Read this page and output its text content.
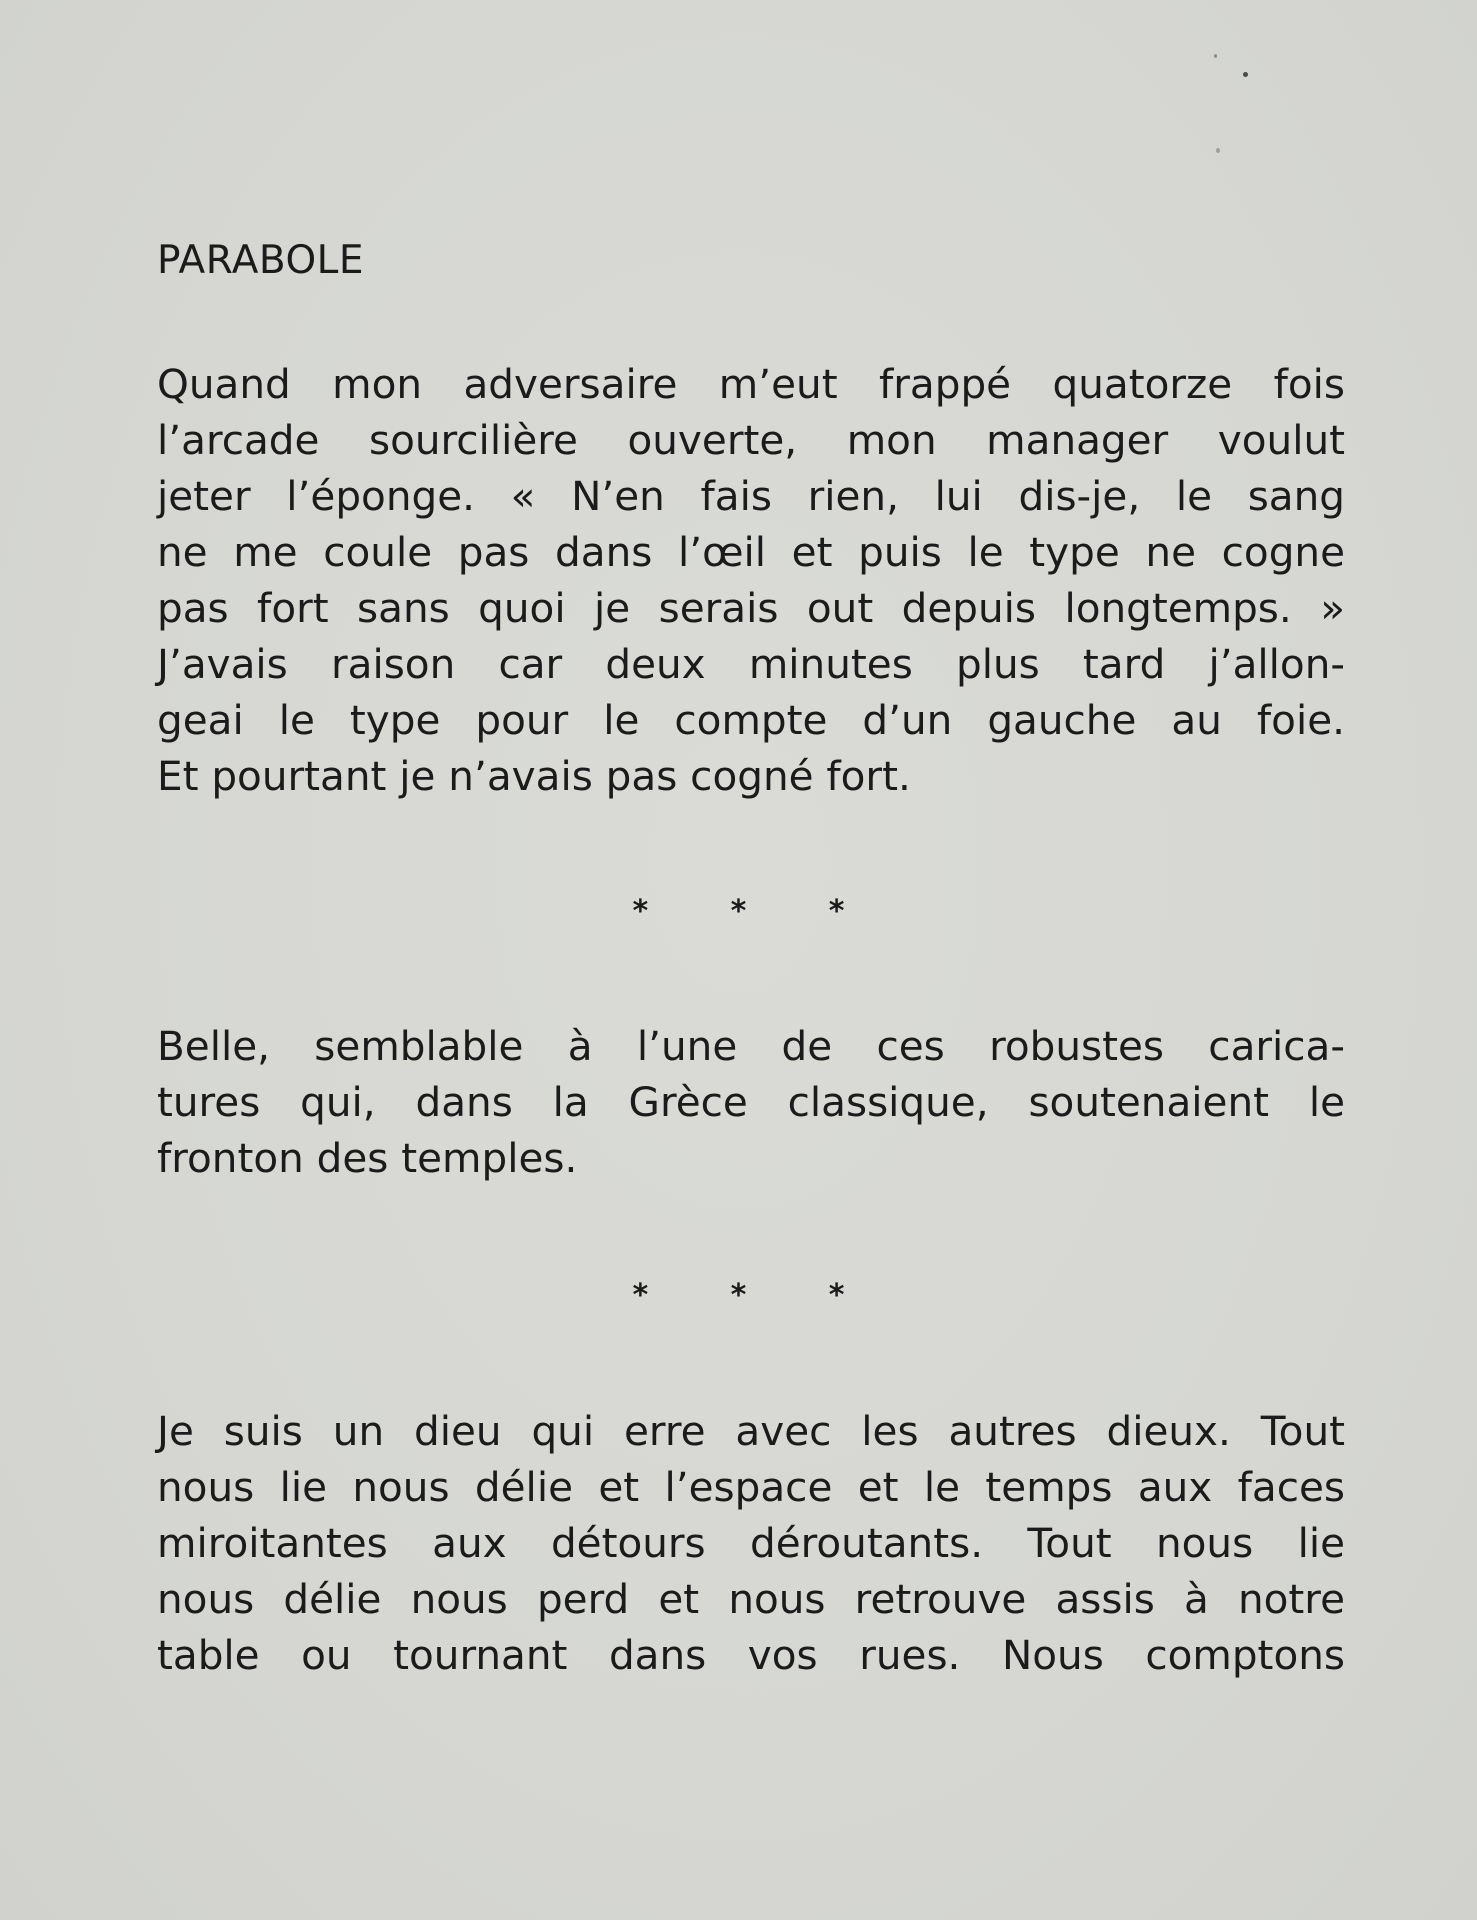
PARABOLE
Quand mon adversaire m’eut frappé quatorze fois
l’arcade sourcilière ouverte, mon manager voulut
jeter l’éponge. « N’en fais rien, lui dis-je, le sang
ne me coule pas dans l’œil et puis le type ne cogne
pas fort sans quoi je serais out depuis longtemps. »
J’avais raison car deux minutes plus tard j’allon-
geai le type pour le compte d’un gauche au foie.
Et pourtant je n’avais pas cogné fort.
* * *
Belle, semblable à l’une de ces robustes carica-
tures qui, dans la Grèce classique, soutenaient le
fronton des temples.
* * *
Je suis un dieu qui erre avec les autres dieux. Tout
nous lie nous délie et l’espace et le temps aux faces
miroitantes aux détours déroutants. Tout nous lie
nous délie nous perd et nous retrouve assis à notre
table ou tournant dans vos rues. Nous comptons
